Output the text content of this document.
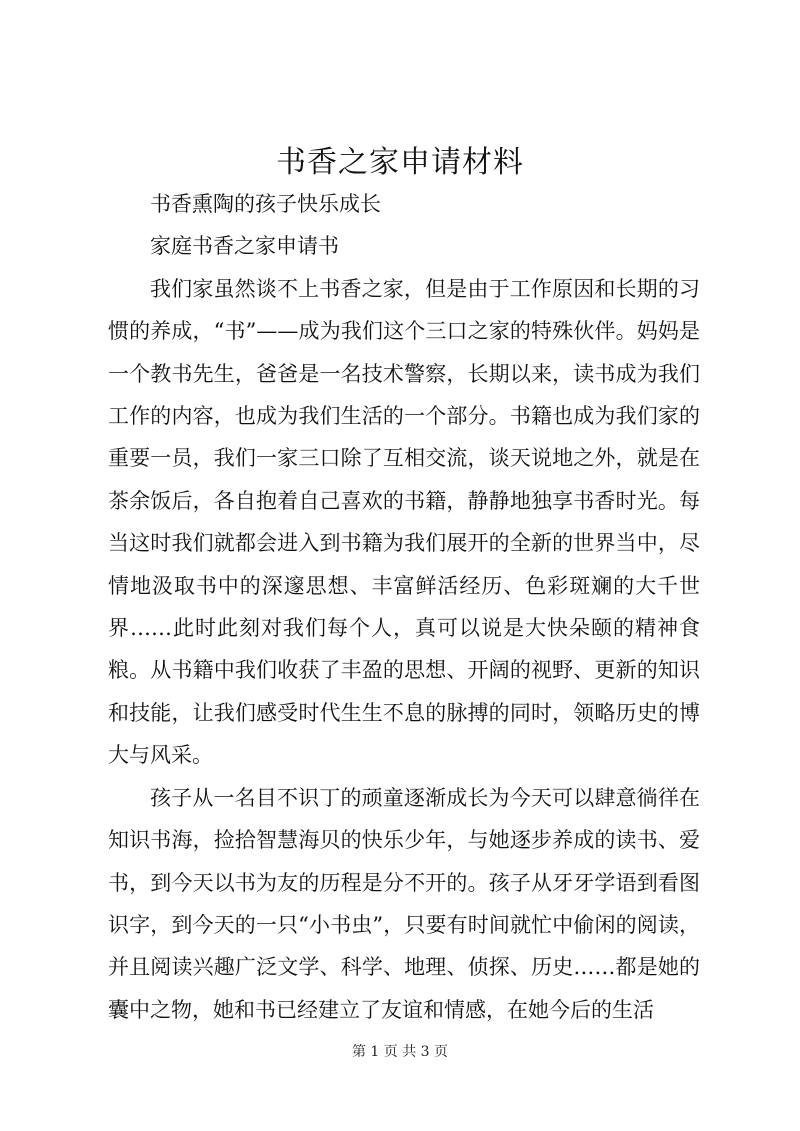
书香之家申请材料

书香熏陶的孩子快乐成长

家庭书香之家申请书

我们家虽然谈不上书香之家，但是由于工作原因和长期的习惯的养成，“书”——成为我们这个三口之家的特殊伙伴。妈妈是一个教书先生，爸爸是一名技术警察，长期以来，读书成为我们工作的内容，也成为我们生活的一个部分。书籍也成为我们家的重要一员，我们一家三口除了互相交流，谈天说地之外，就是在茶余饭后，各自抱着自己喜欢的书籍，静静地独享书香时光。每当这时我们就都会进入到书籍为我们展开的全新的世界当中，尽情地汲取书中的深邃思想、丰富鲜活经历、色彩斑斓的大千世界……此时此刻对我们每个人，真可以说是大快朵颐的精神食粮。从书籍中我们收获了丰盈的思想、开阔的视野、更新的知识和技能，让我们感受时代生生不息的脉搏的同时，领略历史的博大与风采。

孩子从一名目不识丁的顽童逐渐成长为今天可以肆意徜徉在知识书海，捡拾智慧海贝的快乐少年，与她逐步养成的读书、爱书，到今天以书为友的历程是分不开的。孩子从牙牙学语到看图识字，到今天的一只“小书虫”，只要有时间就忙中偷闲的阅读，并且阅读兴趣广泛文学、科学、地理、侦探、历史……都是她的囊中之物，她和书已经建立了友谊和情感，在她今后的生活

第 1 页 共 3 页
